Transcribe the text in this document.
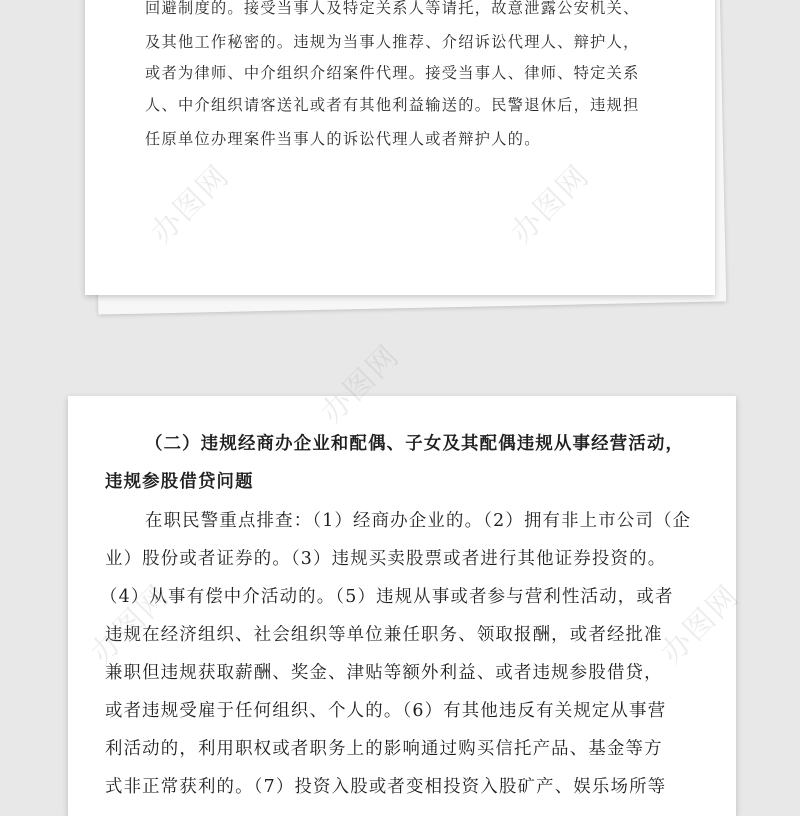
回避制度的。接受当事人及特定关系人等请托，故意泄露公安机关、
及其他工作秘密的。违规为当事人推荐、介绍诉讼代理人、辩护人，
或者为律师、中介组织介绍案件代理。接受当事人、律师、特定关系
人、中介组织请客送礼或者有其他利益输送的。民警退休后，违规担
任原单位办理案件当事人的诉讼代理人或者辩护人的。
（二）违规经商办企业和配偶、子女及其配偶违规从事经营活动，
违规参股借贷问题
在职民警重点排查：（1）经商办企业的。（2）拥有非上市公司（企
业）股份或者证券的。（3）违规买卖股票或者进行其他证券投资的。
（4）从事有偿中介活动的。（5）违规从事或者参与营利性活动，或者
违规在经济组织、社会组织等单位兼任职务、领取报酬，或者经批准
兼职但违规获取薪酬、奖金、津贴等额外利益、或者违规参股借贷，
或者违规受雇于任何组织、个人的。（6）有其他违反有关规定从事营
利活动的，利用职权或者职务上的影响通过购买信托产品、基金等方
式非正常获利的。（7）投资入股或者变相投资入股矿产、娱乐场所等
办图网
